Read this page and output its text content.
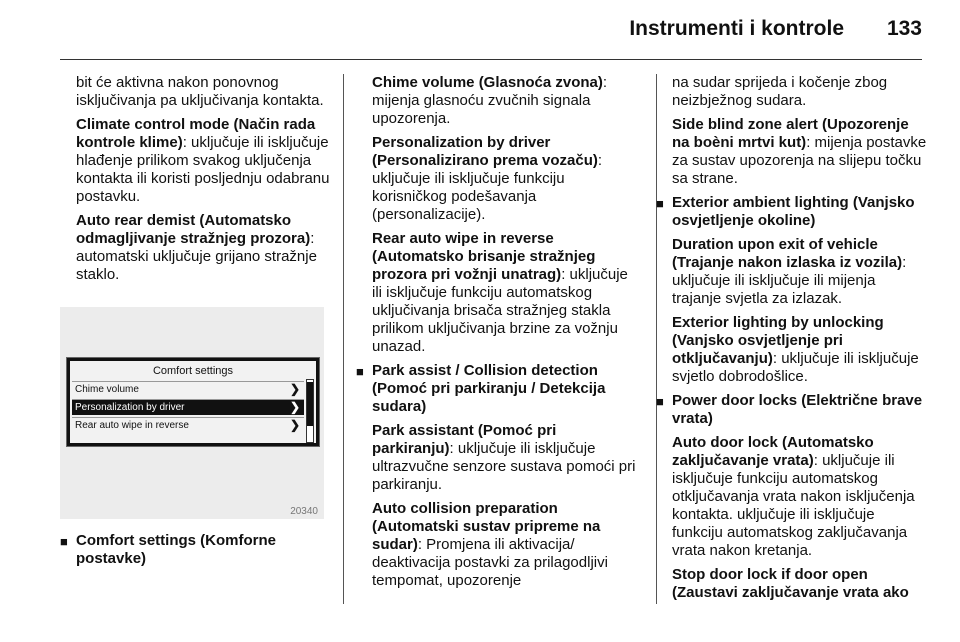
Instrumenti i kontrole 133

bit će aktivna nakon ponovnog isključivanja pa uključivanja kontakta.

Climate control mode (Način rada kontrole klime): uključuje ili isključuje hlađenje prilikom svakog uključenja kontakta ili koristi posljednju odabranu postavku.

Auto rear demist (Automatsko odmagljivanje stražnjeg prozora): automatski uključuje grijano stražnje staklo.

Comfort settings
Chime volume	❯
Personalization by driver	❯
Rear auto wipe in reverse	❯
20340

■ Comfort settings (Komforne postavke)

Chime volume (Glasnoća zvona): mijenja glasnoću zvučnih signala upozorenja.

Personalization by driver (Personalizirano prema vozaču): uključuje ili isključuje funkciju korisničkog podešavanja (personalizacije).

Rear auto wipe in reverse (Automatsko brisanje stražnjeg prozora pri vožnji unatrag): uključuje ili isključuje funkciju automatskog uključivanja brisača stražnjeg stakla prilikom uključivanja brzine za vožnju unazad.

■ Park assist / Collision detection (Pomoć pri parkiranju / Detekcija sudara)

Park assistant (Pomoć pri parkiranju): uključuje ili isključuje ultrazvučne senzore sustava pomoći pri parkiranju.

Auto collision preparation (Automatski sustav pripreme na sudar): Promjena ili aktivacija/ deaktivacija postavki za prilagodljivi tempomat, upozorenje

na sudar sprijeda i kočenje zbog neizbježnog sudara.

Side blind zone alert (Upozorenje na boèni mrtvi kut): mijenja postavke za sustav upozorenja na slijepu točku sa strane.

■ Exterior ambient lighting (Vanjsko osvjetljenje okoline)

Duration upon exit of vehicle (Trajanje nakon izlaska iz vozila): uključuje ili isključuje ili mijenja trajanje svjetla za izlazak.

Exterior lighting by unlocking (Vanjsko osvjetljenje pri otključavanju): uključuje ili isključuje svjetlo dobrodošlice.

■ Power door locks (Električne brave vrata)

Auto door lock (Automatsko zaključavanje vrata): uključuje ili isključuje funkciju automatskog otključavanja vrata nakon isključenja kontakta. uključuje ili isključuje funkciju automatskog zaključavanja vrata nakon kretanja.

Stop door lock if door open (Zaustavi zaključavanje vrata ako
